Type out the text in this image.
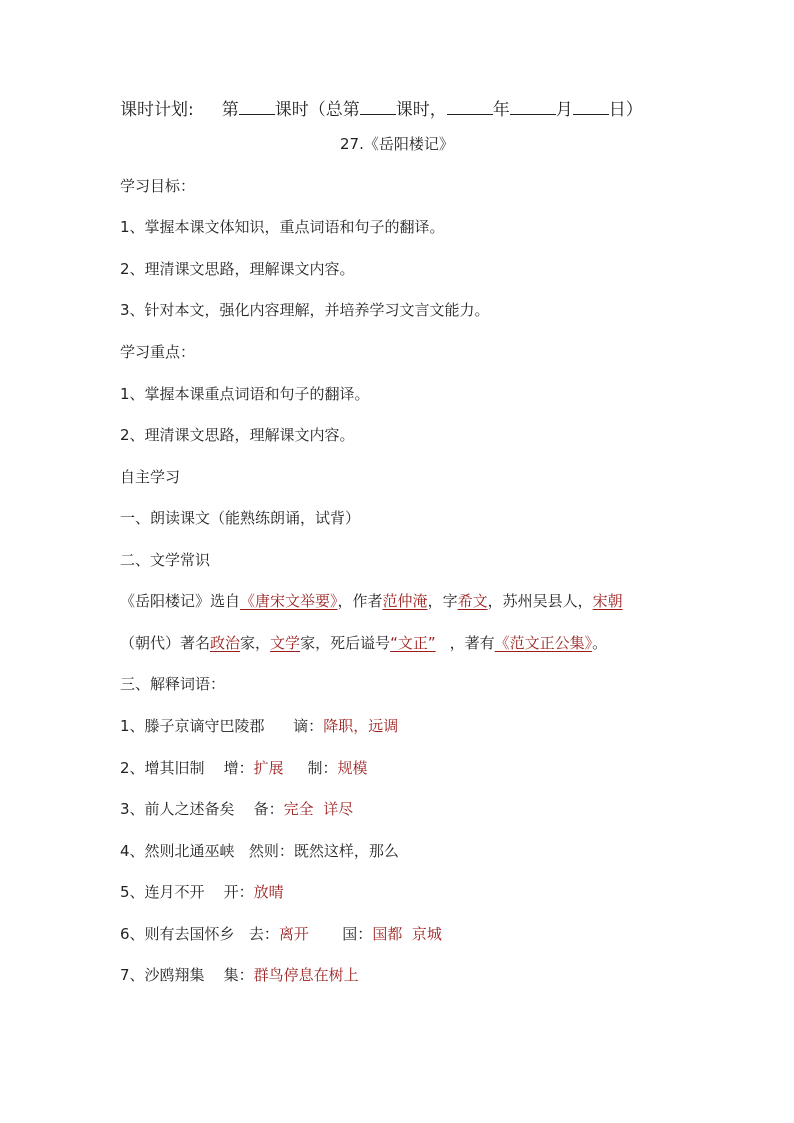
课时计划: 第 课时（总第 课时，	年	月 日）
27.《岳阳楼记》
学习目标：
1、掌握本课文体知识，重点词语和句子的翻译。
2、理清课文思路，理解课文内容。
3、针对本文，强化内容理解，并培养学习文言文能力。
学习重点：
1、掌握本课重点词语和句子的翻译。
2、理清课文思路，理解课文内容。
自主学习
一、朗读课文（能熟练朗诵，试背）
二、文学常识
《岳阳楼记》选自《唐宋文举要》，作者范仲淹，字希文，苏州吴县人，宋朝
（朝代）著名政治家，文学家，死后谥号“文正” ，著有《范文正公集》。
三、解释词语：
1、滕子京谪守巴陵郡 谪：降职，远调
2、增其旧制 增：扩展 制：规模
3、前人之述备矣 备：完全  详尽
4、然则北通巫峡 然则：既然这样，那么
5、连月不开 开：放晴
6、则有去国怀乡 去：离开 国：国都  京城
7、沙鸥翔集 集：群鸟停息在树上
